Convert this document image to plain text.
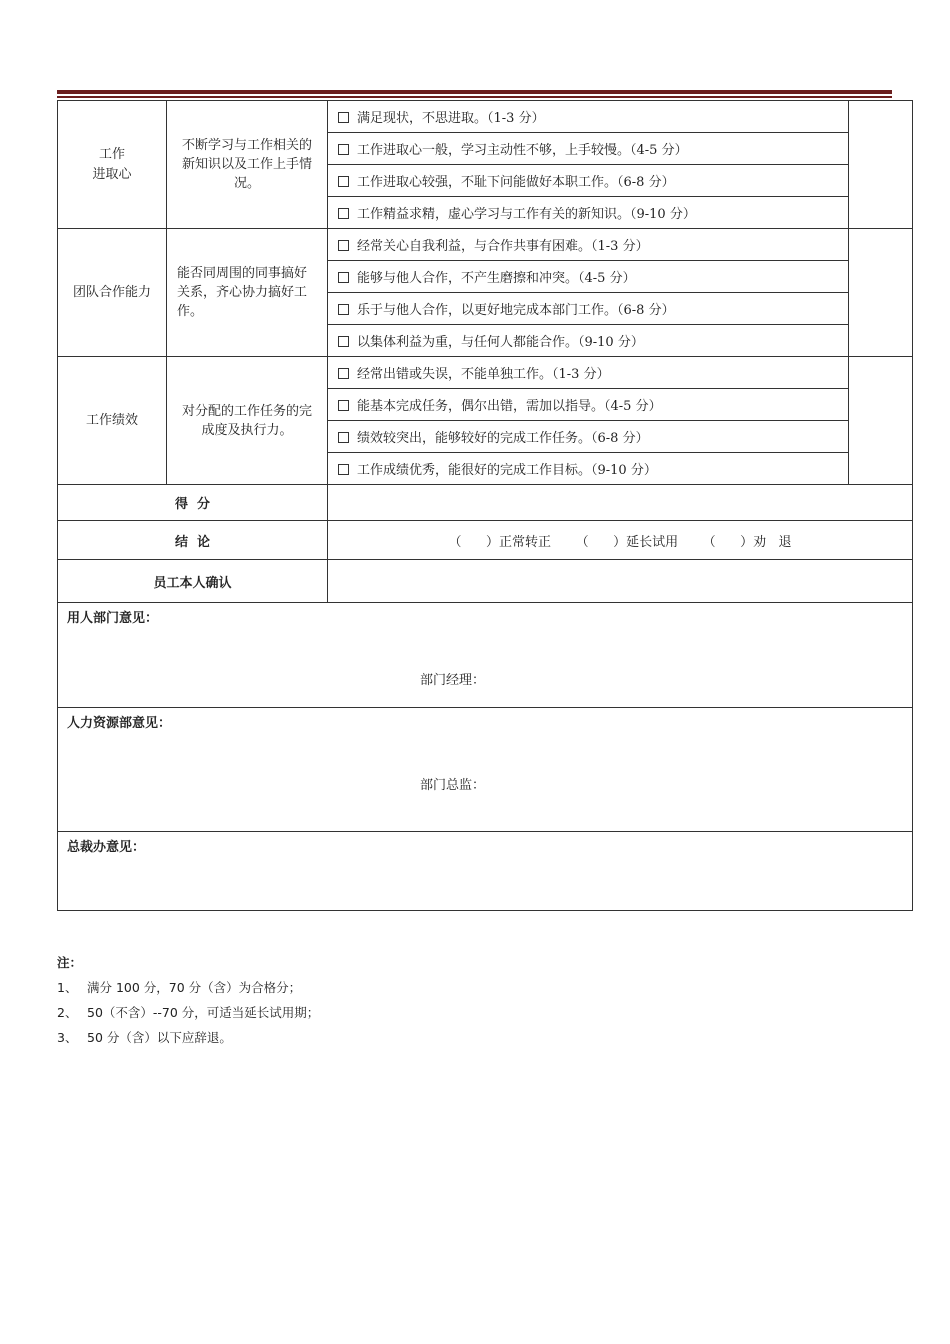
工作
进取心	不断学习与工作相关的新知识以及工作上手情况。	满足现状，不思进取。（1-3 分）	
		工作进取心一般，学习主动性不够，上手较慢。（4-5 分）	
		工作进取心较强，不耻下问能做好本职工作。（6-8 分）	
		工作精益求精，虚心学习与工作有关的新知识。（9-10 分）	
团队合作能力	能否同周围的同事搞好关系，齐心协力搞好工作。	经常关心自我利益，与合作共事有困难。（1-3 分）	
		能够与他人合作，不产生磨擦和冲突。（4-5 分）	
		乐于与他人合作，以更好地完成本部门工作。（6-8 分）	
		以集体利益为重，与任何人都能合作。（9-10 分）	
工作绩效	对分配的工作任务的完成度及执行力。	经常出错或失误，不能单独工作。（1-3 分）	
		能基本完成任务，偶尔出错，需加以指导。（4-5 分）	
		绩效较突出，能够较好的完成工作任务。（6-8 分）	
		工作成绩优秀，能很好的完成工作目标。（9-10 分）	
得  分			
结  论		（    ）正常转正    （    ）延长试用    （    ）劝  退	
员工本人确认			

用人部门意见：
部门经理：			

人力资源部意见：
部门总监：			

总裁办意见：			
注：
1、 满分 100 分，70 分（含）为合格分；
2、 50（不含）--70 分，可适当延长试用期；
3、 50 分（含）以下应辞退。
